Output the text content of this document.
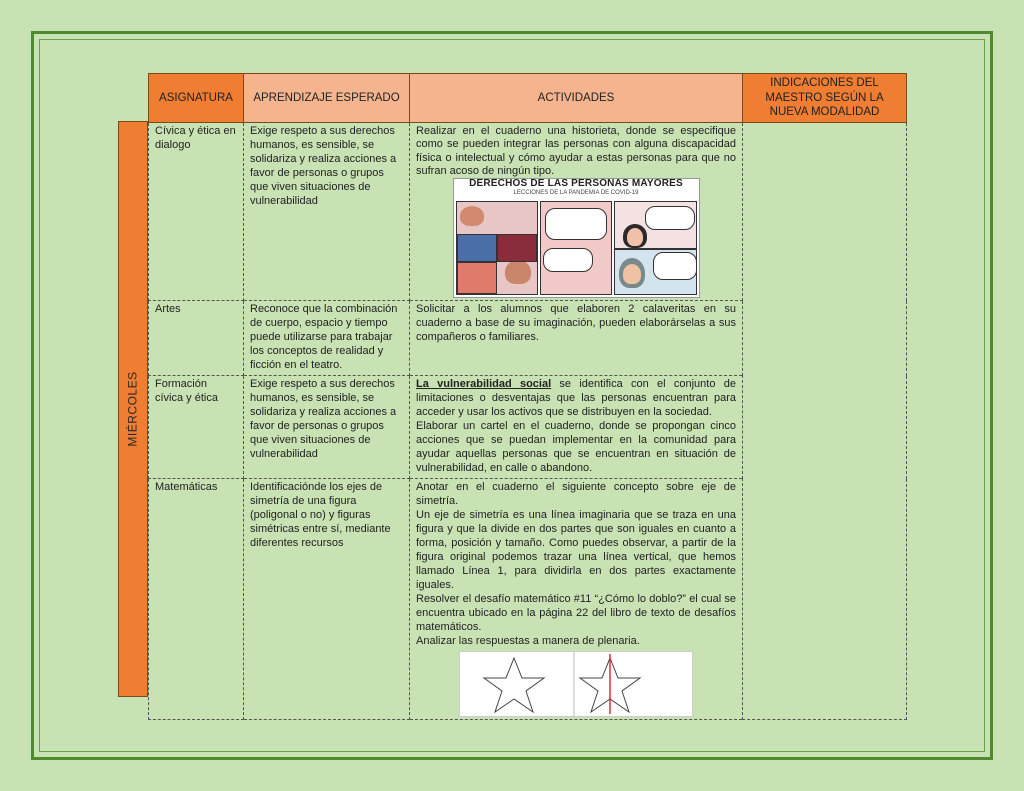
MIÉRCOLES
ASIGNATURA	APRENDIZAJE ESPERADO	ACTIVIDADES	INDICACIONES DEL MAESTRO SEGÚN LA NUEVA MODALIDAD
Cívica y ética en dialogo	Exige respeto a sus derechos humanos, es sensible, se solidariza y realiza acciones a favor de personas o grupos que viven situaciones de vulnerabilidad	Realizar en el cuaderno una historieta, donde se especifique como se pueden integrar las personas con alguna discapacidad física o intelectual y cómo ayudar a estas personas para que no sufran acoso de ningún tipo.
DERECHOS DE LAS PERSONAS MAYORES
LECCIONES DE LA PANDEMIA DE COVID-19	

Artes	Reconoce que la combinación de cuerpo, espacio y tiempo puede utilizarse para trabajar los conceptos de realidad y ficción en el teatro.	Solicitar a los alumnos que elaboren 2 calaveritas en su cuaderno a base de su imaginación, pueden elaborárselas a sus compañeros o familiares.	
Formación cívica y ética	Exige respeto a sus derechos humanos, es sensible, se solidariza y realiza acciones a favor de personas o grupos que viven situaciones de vulnerabilidad	La vulnerabilidad social se identifica con el conjunto de limitaciones o desventajas que las personas encuentran para acceder y usar los activos que se distribuyen en la sociedad.
Elaborar un cartel en el cuaderno, donde se propongan cinco acciones que se puedan implementar en la comunidad para ayudar aquellas personas que se encuentran en situación de vulnerabilidad, en calle o abandono.	

Matemáticas	Identificaciónde los ejes de simetría de una figura (poligonal o no) y figuras simétricas entre sí, mediante diferentes recursos	Anotar en el cuaderno el siguiente concepto sobre eje de simetría.
Un eje de simetría es una línea imaginaria que se traza en una figura y que la divide en dos partes que son iguales en cuanto a forma, posición y tamaño. Como puedes observar, a partir de la figura original podemos trazar una línea vertical, que hemos llamado Línea 1, para dividirla en dos partes exactamente iguales.
Resolver el desafío matemático #11 “¿Cómo lo doblo?” el cual se encuentra ubicado en la página 22 del libro de texto de desafíos matemáticos.
Analizar las respuestas a manera de plenaria.	
